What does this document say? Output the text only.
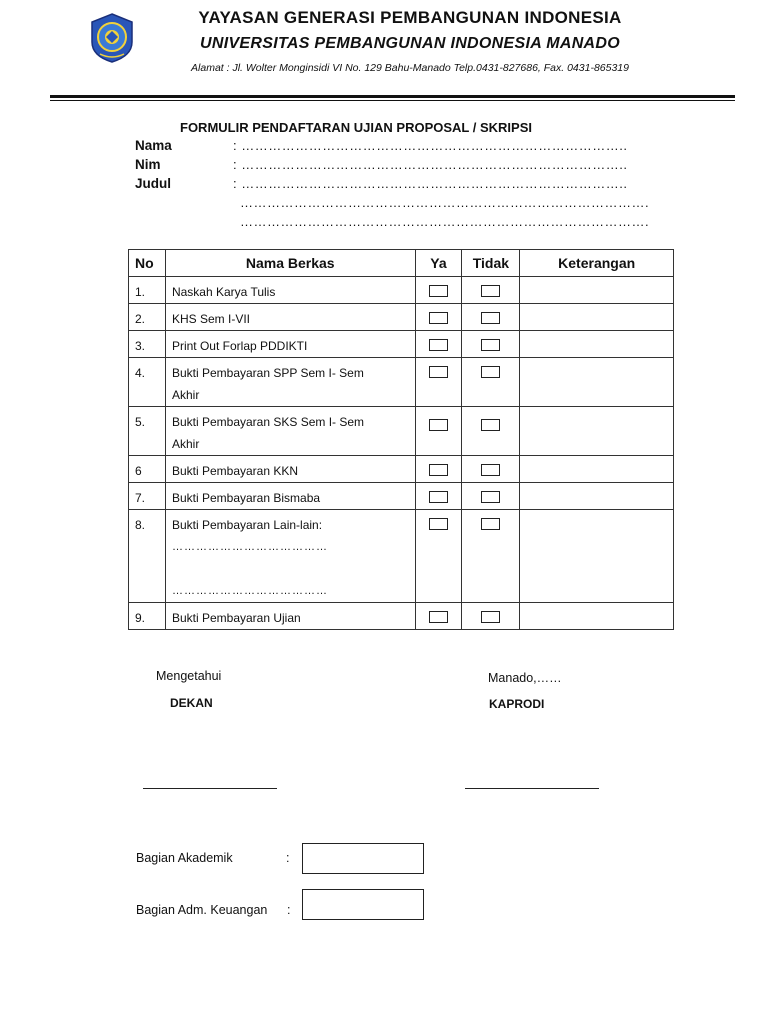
YAYASAN GENERASI PEMBANGUNAN INDONESIA
UNIVERSITAS PEMBANGUNAN INDONESIA MANADO
Alamat : Jl. Wolter Monginsidi VI No. 129 Bahu-Manado Telp.0431-827686, Fax. 0431-865319
FORMULIR PENDAFTARAN UJIAN PROPOSAL / SKRIPSI
Nama	: …………………………………………………………………………..
Nim	: …………………………………………………………………………..
Judul	: …………………………………………………………………………..
……………………………………………………………………………….
……………………………………………………………………………….
No	Nama Berkas	Ya	Tidak	Keterangan
1.	Naskah Karya Tulis	

2.	KHS Sem I-VII	

3.	Print Out Forlap PDDIKTI	

4.	Bukti Pembayaran SPP Sem I- Sem
Akhir			

5.	Bukti Pembayaran SKS Sem I- Sem
Akhir			

6	Bukti Pembayaran KKN	

7.	Bukti Pembayaran Bismaba	

8.	Bukti Pembayaran Lain-lain:
…………………………………
…………………………………			

9.	Bukti Pembayaran Ujian	

Mengetahui
DEKAN
Manado,……
KAPRODI
Bagian Akademik	:
Bagian Adm. Keuangan :
